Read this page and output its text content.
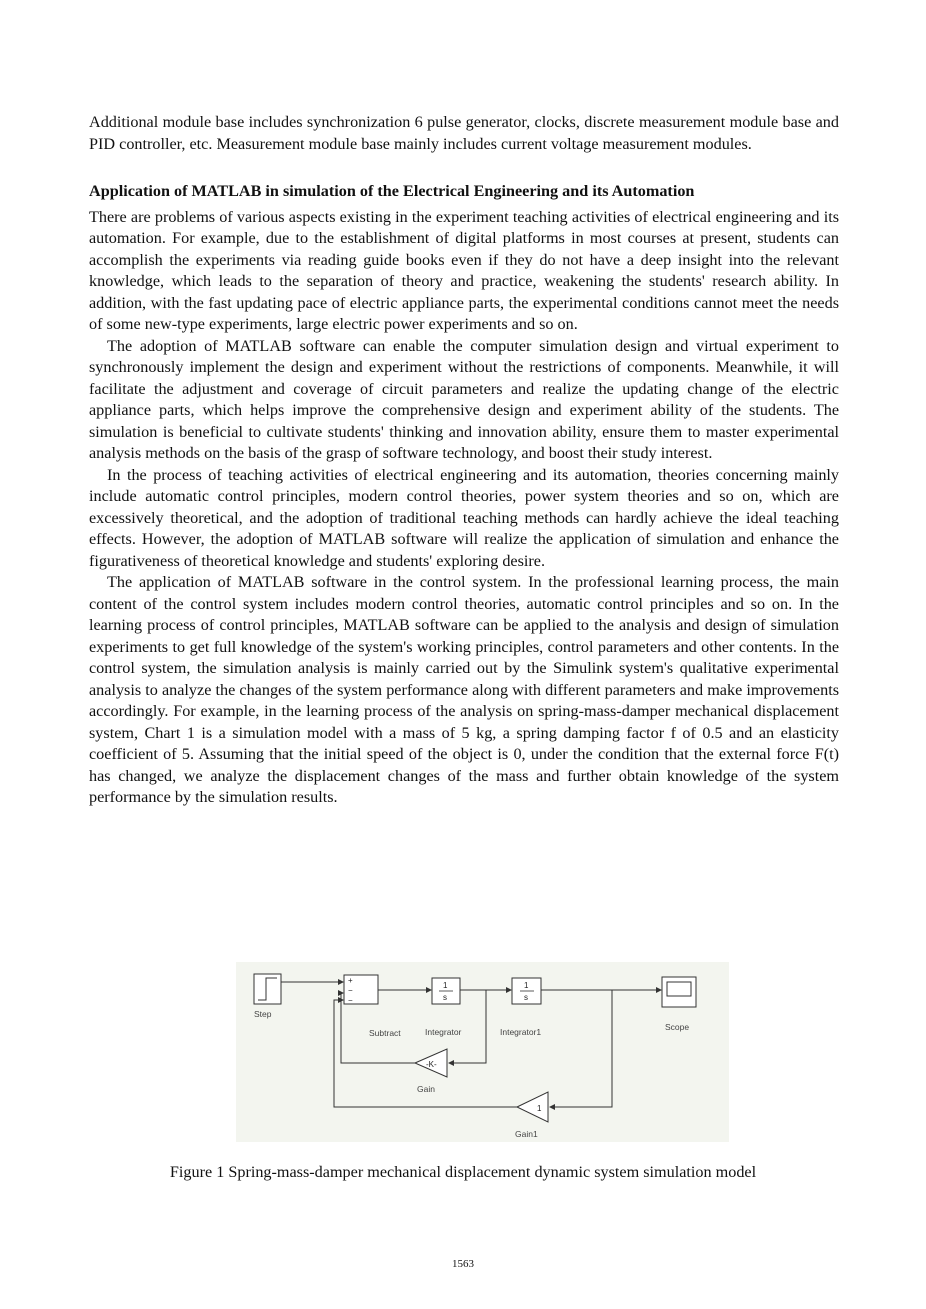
Additional module base includes synchronization 6 pulse generator, clocks, discrete measurement module base and PID controller, etc. Measurement module base mainly includes current voltage measurement modules.

Application of MATLAB in simulation of the Electrical Engineering and its Automation

There are problems of various aspects existing in the experiment teaching activities of electrical engineering and its automation. For example, due to the establishment of digital platforms in most courses at present, students can accomplish the experiments via reading guide books even if they do not have a deep insight into the relevant knowledge, which leads to the separation of theory and practice, weakening the students' research ability. In addition, with the fast updating pace of electric appliance parts, the experimental conditions cannot meet the needs of some new-type experiments, large electric power experiments and so on.

The adoption of MATLAB software can enable the computer simulation design and virtual experiment to synchronously implement the design and experiment without the restrictions of components. Meanwhile, it will facilitate the adjustment and coverage of circuit parameters and realize the updating change of the electric appliance parts, which helps improve the comprehensive design and experiment ability of the students. The simulation is beneficial to cultivate students' thinking and innovation ability, ensure them to master experimental analysis methods on the basis of the grasp of software technology, and boost their study interest.

In the process of teaching activities of electrical engineering and its automation, theories concerning mainly include automatic control principles, modern control theories, power system theories and so on, which are excessively theoretical, and the adoption of traditional teaching methods can hardly achieve the ideal teaching effects. However, the adoption of MATLAB software will realize the application of simulation and enhance the figurativeness of theoretical knowledge and students' exploring desire.

The application of MATLAB software in the control system. In the professional learning process, the main content of the control system includes modern control theories, automatic control principles and so on. In the learning process of control principles, MATLAB software can be applied to the analysis and design of simulation experiments to get full knowledge of the system's working principles, control parameters and other contents. In the control system, the simulation analysis is mainly carried out by the Simulink system's qualitative experimental analysis to analyze the changes of the system performance along with different parameters and make improvements accordingly. For example, in the learning process of the analysis on spring-mass-damper mechanical displacement system, Chart 1 is a simulation model with a mass of 5 kg, a spring damping factor f of 0.5 and an elasticity coefficient of 5. Assuming that the initial speed of the object is 0, under the condition that the external force F(t) has changed, we analyze the displacement changes of the mass and further obtain knowledge of the system performance by the simulation results.

Step
+
−
−
Subtract
1
s
Integrator
1
s
Integrator1	Scope
-K-
Gain
1
Gain1
Figure 1 Spring-mass-damper mechanical displacement dynamic system simulation model
1563
